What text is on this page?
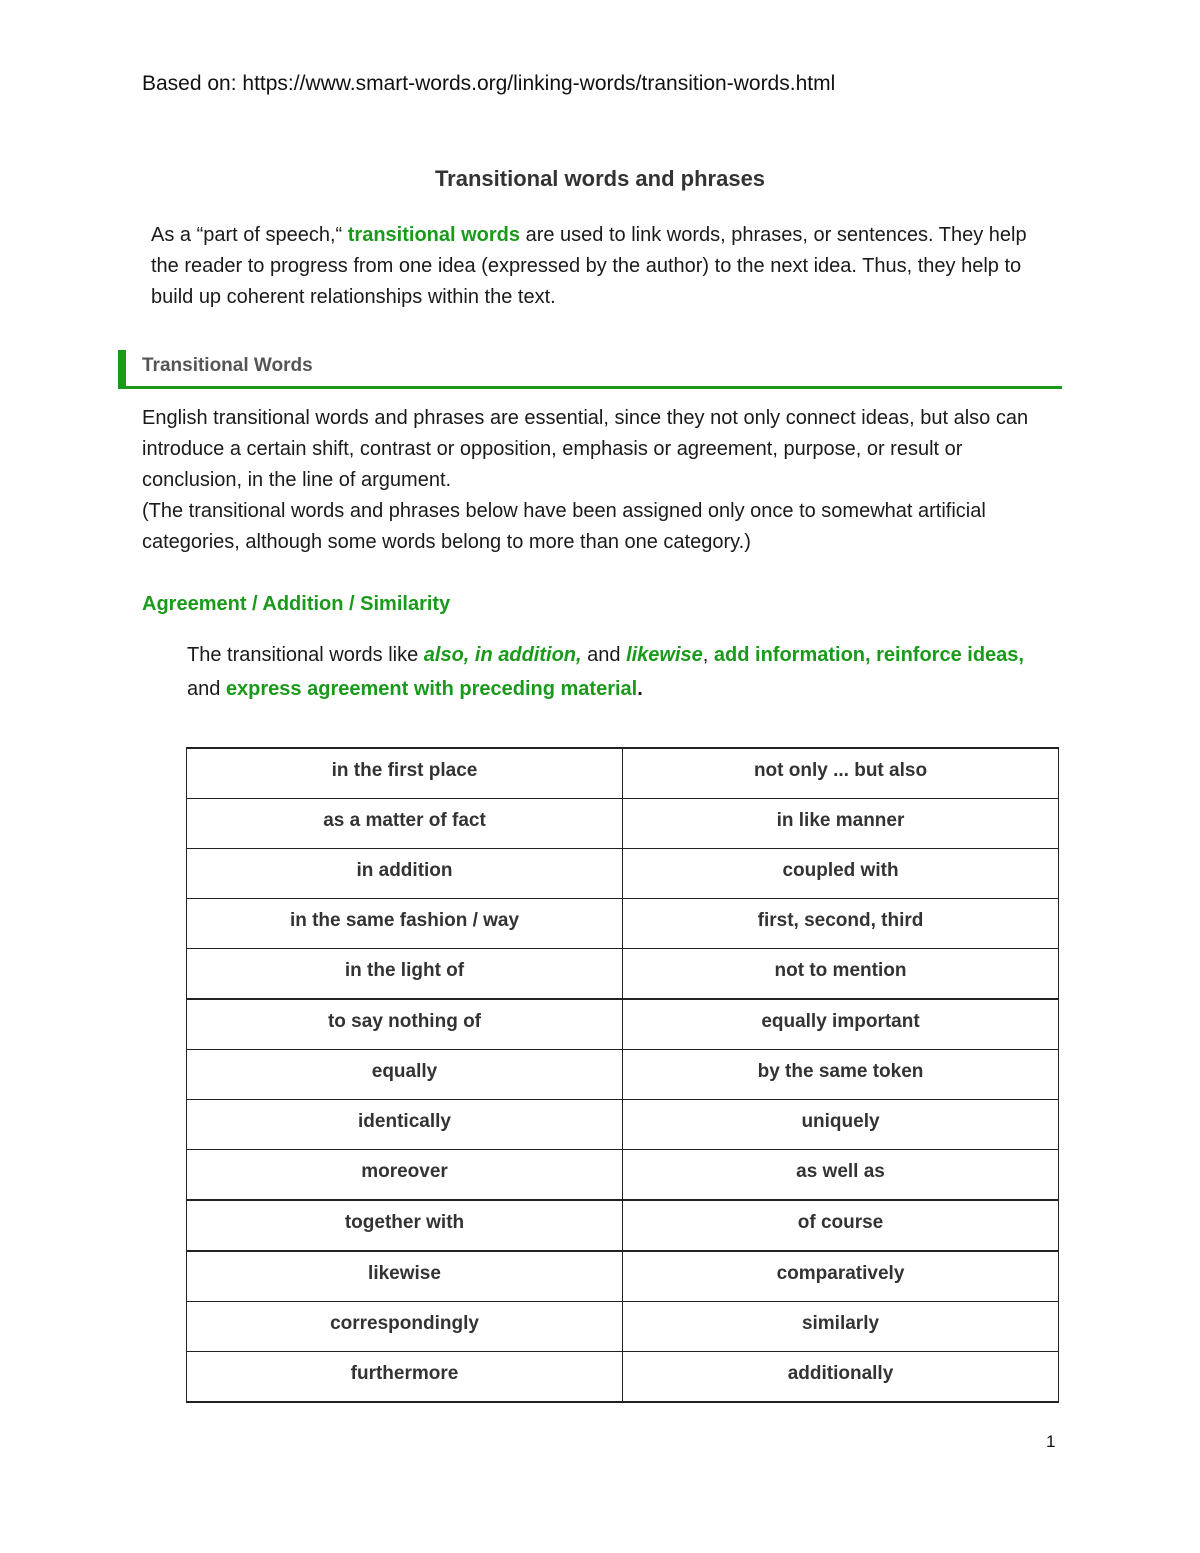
Based on: https://www.smart-words.org/linking-words/transition-words.html
Transitional words and phrases
As a “part of speech,“ transitional words are used to link words, phrases, or sentences. They help the reader to progress from one idea (expressed by the author) to the next idea. Thus, they help to build up coherent relationships within the text.
Transitional Words

English transitional words and phrases are essential, since they not only connect ideas, but also can introduce a certain shift, contrast or opposition, emphasis or agreement, purpose, or result or conclusion, in the line of argument.

(The transitional words and phrases below have been assigned only once to somewhat artificial categories, although some words belong to more than one category.)

Agreement / Addition / Similarity
The transitional words like also, in addition, and likewise, add information, reinforce ideas, and express agreement with preceding material.
in the first place	not only ... but also
as a matter of fact	in like manner
in addition	coupled with
in the same fashion / way	first, second, third
in the light of	not to mention
to say nothing of	equally important
equally	by the same token
identically	uniquely
moreover	as well as
together with	of course
likewise	comparatively
correspondingly	similarly
furthermore	additionally
1
